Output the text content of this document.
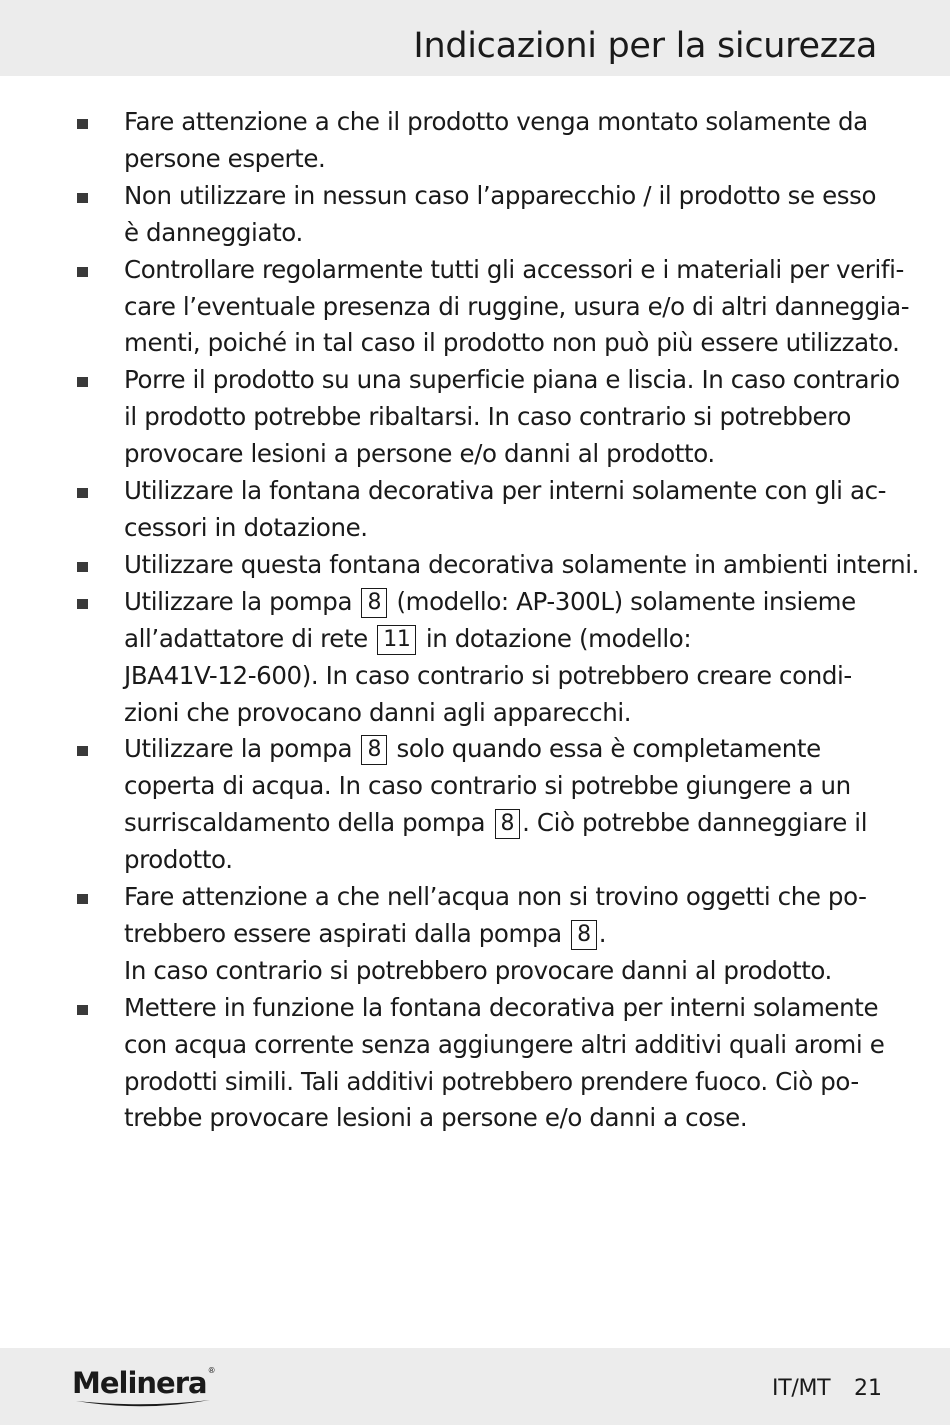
Indicazioni per la sicurezza
Fare attenzione a che il prodotto venga montato solamente da
persone esperte.
Non utilizzare in nessun caso l’apparecchio / il prodotto se esso
è danneggiato.
Controllare regolarmente tutti gli accessori e i materiali per verifi-
care l’eventuale presenza di ruggine, usura e/o di altri danneggia-
menti, poiché in tal caso il prodotto non può più essere utilizzato.
Porre il prodotto su una superficie piana e liscia. In caso contrario
il prodotto potrebbe ribaltarsi. In caso contrario si potrebbero
provocare lesioni a persone e/o danni al prodotto.
Utilizzare la fontana decorativa per interni solamente con gli ac-
cessori in dotazione.
Utilizzare questa fontana decorativa solamente in ambienti interni.
Utilizzare la pompa 8 (modello: AP-300L) solamente insieme
all’adattatore di rete 11 in dotazione (modello:
JBA41V-12-600). In caso contrario si potrebbero creare condi-
zioni che provocano danni agli apparecchi.
Utilizzare la pompa 8 solo quando essa è completamente
coperta di acqua. In caso contrario si potrebbe giungere a un
surriscaldamento della pompa 8 . Ciò potrebbe danneggiare il
prodotto.
Fare attenzione a che nell’acqua non si trovino oggetti che po-
trebbero essere aspirati dalla pompa 8 .
In caso contrario si potrebbero provocare danni al prodotto.
Mettere in funzione la fontana decorativa per interni solamente
con acqua corrente senza aggiungere altri additivi quali aromi e
prodotti simili. Tali additivi potrebbero prendere fuoco. Ciò po-
trebbe provocare lesioni a persone e/o danni a cose.
Melinera®
IT/MT 21
